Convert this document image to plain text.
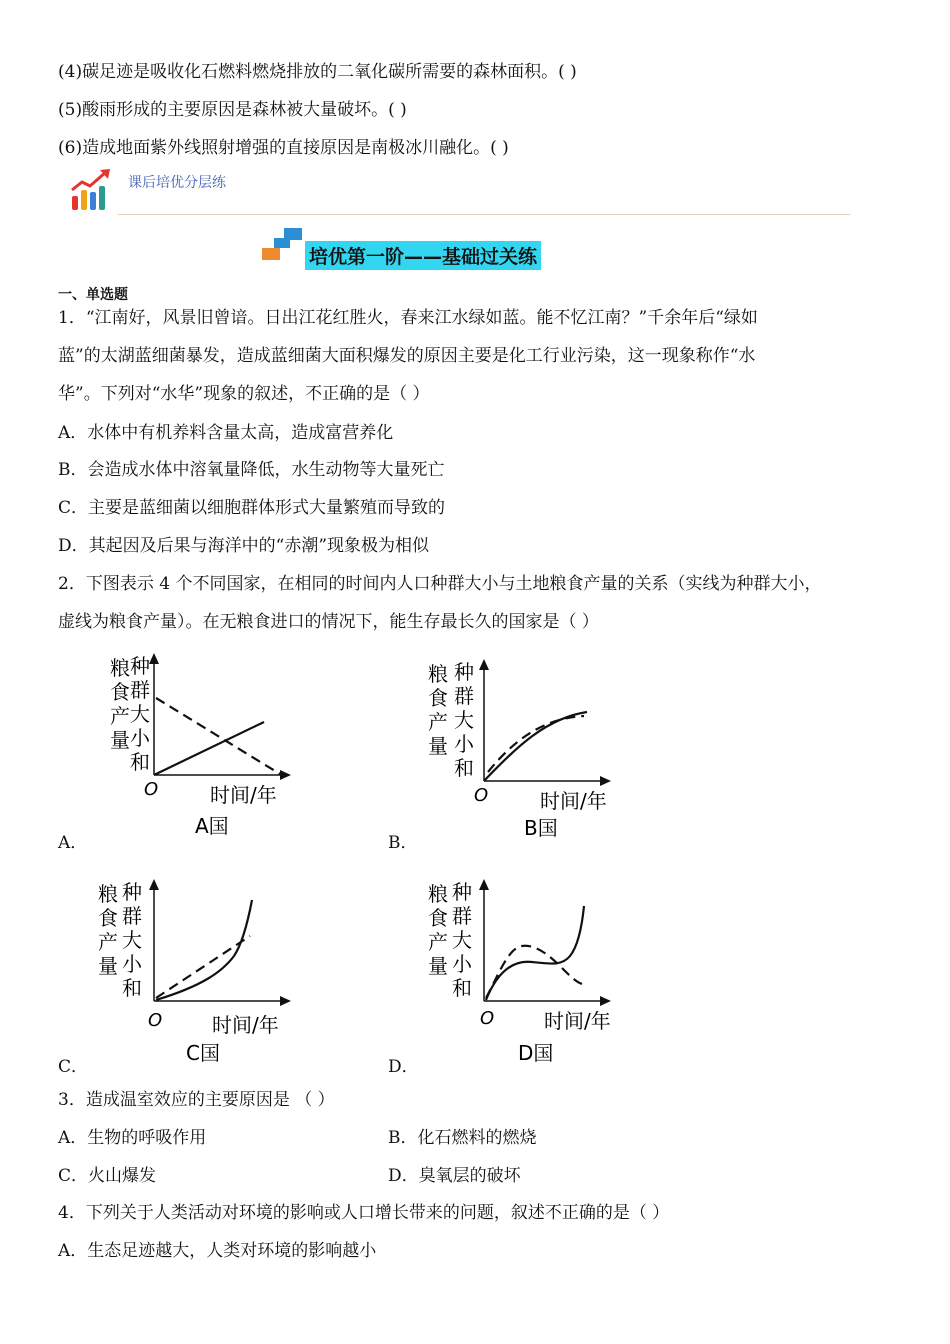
(4)碳足迹是吸收化石燃料燃烧排放的二氧化碳所需要的森林面积。( )
(5)酸雨形成的主要原因是森林被大量破坏。( )
(6)造成地面紫外线照射增强的直接原因是南极冰川融化。( )
课后培优分层练
培优第一阶——基础过关练
一、单选题
1．“江南好，风景旧曾谙。日出江花红胜火，春来江水绿如蓝。能不忆江南？”千余年后“绿如
蓝”的太湖蓝细菌暴发，造成蓝细菌大面积爆发的原因主要是化工行业污染，这一现象称作“水
华”。下列对“水华”现象的叙述，不正确的是（ ）
A．水体中有机养料含量太高，造成富营养化
B．会造成水体中溶氧量降低，水生动物等大量死亡
C．主要是蓝细菌以细胞群体形式大量繁殖而导致的
D．其起因及后果与海洋中的“赤潮”现象极为相似
2．下图表示 4 个不同国家，在相同的时间内人口种群大小与土地粮食产量的关系（实线为种群大小，
虚线为粮食产量）。在无粮食进口的情况下，能生存最长久的国家是（ ）
粮
食
产
量
种
群
大
小
和
O	时间/年
A国
A．
粮
食
产
量
种
群
大
小
和
O	时间/年
B国
B．
粮
食
产
量
种
群
大
小
和
O 时间/年
C国
C．
粮
食
产
量
种
群
大
小
和
O 时间/年
D国
D．
3．造成温室效应的主要原因是 （ ）
A．生物的呼吸作用	B．化石燃料的燃烧
C．火山爆发	D．臭氧层的破坏
4．下列关于人类活动对环境的影响或人口增长带来的问题，叙述不正确的是（ ）
A．生态足迹越大，人类对环境的影响越小
